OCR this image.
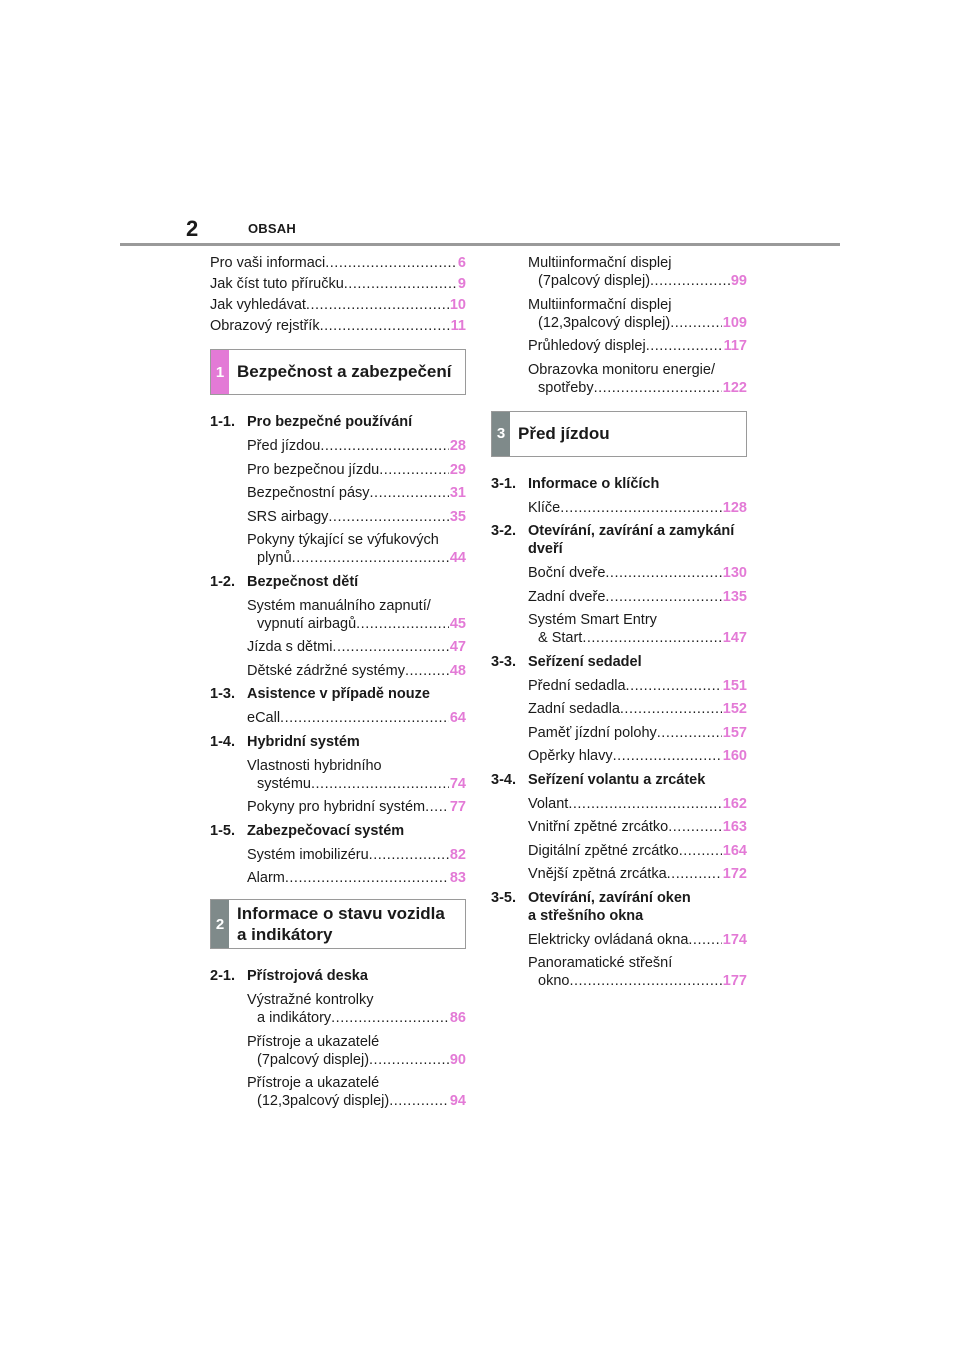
2	OBSAH
Pro vaši informaci .....	6
Jak číst tuto příručku .....	9
Jak vyhledávat .....	10
Obrazový rejstřík .....	11
1 Bezpečnost a zabezpečení
1-1. Pro bezpečné používání
Před jízdou .....	28
Pro bezpečnou jízdu .....	29
Bezpečnostní pásy .....	31
SRS airbagy .....	35
Pokyny týkající se výfukových
plynů .....	44
1-2. Bezpečnost dětí
Systém manuálního zapnutí/
vypnutí airbagů .....	45
Jízda s dětmi .....	47
Dětské zádržné systémy .....	48
1-3. Asistence v případě nouze
eCall .....	64
1-4. Hybridní systém
Vlastnosti hybridního
systému .....	74
Pokyny pro hybridní systém ..... 77
1-5. Zabezpečovací systém
Systém imobilizéru .....	82
Alarm .....	83
2
Informace o stavu vozidla
a indikátory
2-1. Přístrojová deska
Výstražné kontrolky
a indikátory .....	86
Přístroje a ukazatelé
(7palcový displej) .....	90
Přístroje a ukazatelé
(12,3palcový displej) .....	94
Multiinformační displej
(7palcový displej) .....	99
Multiinformační displej
(12,3palcový displej) .....	109
Průhledový displej .....	117
Obrazovka monitoru energie/
spotřeby .....	122
3 Před jízdou
3-1. Informace o klíčích
Klíče .....	128
3-2. Otevírání, zavírání a zamykání
dveří
Boční dveře .....	130
Zadní dveře .....	135
Systém Smart Entry
& Start .....	147
3-3. Seřízení sedadel
Přední sedadla .....	151
Zadní sedadla .....	152
Paměť jízdní polohy .....	157
Opěrky hlavy .....	160
3-4. Seřízení volantu a zrcátek
Volant .....	162
Vnitřní zpětné zrcátko .....	163
Digitální zpětné zrcátko .....	164
Vnější zpětná zrcátka .....	172
3-5. Otevírání, zavírání oken
a střešního okna
Elektricky ovládaná okna ..... 174
Panoramatické střešní
okno .....	177
